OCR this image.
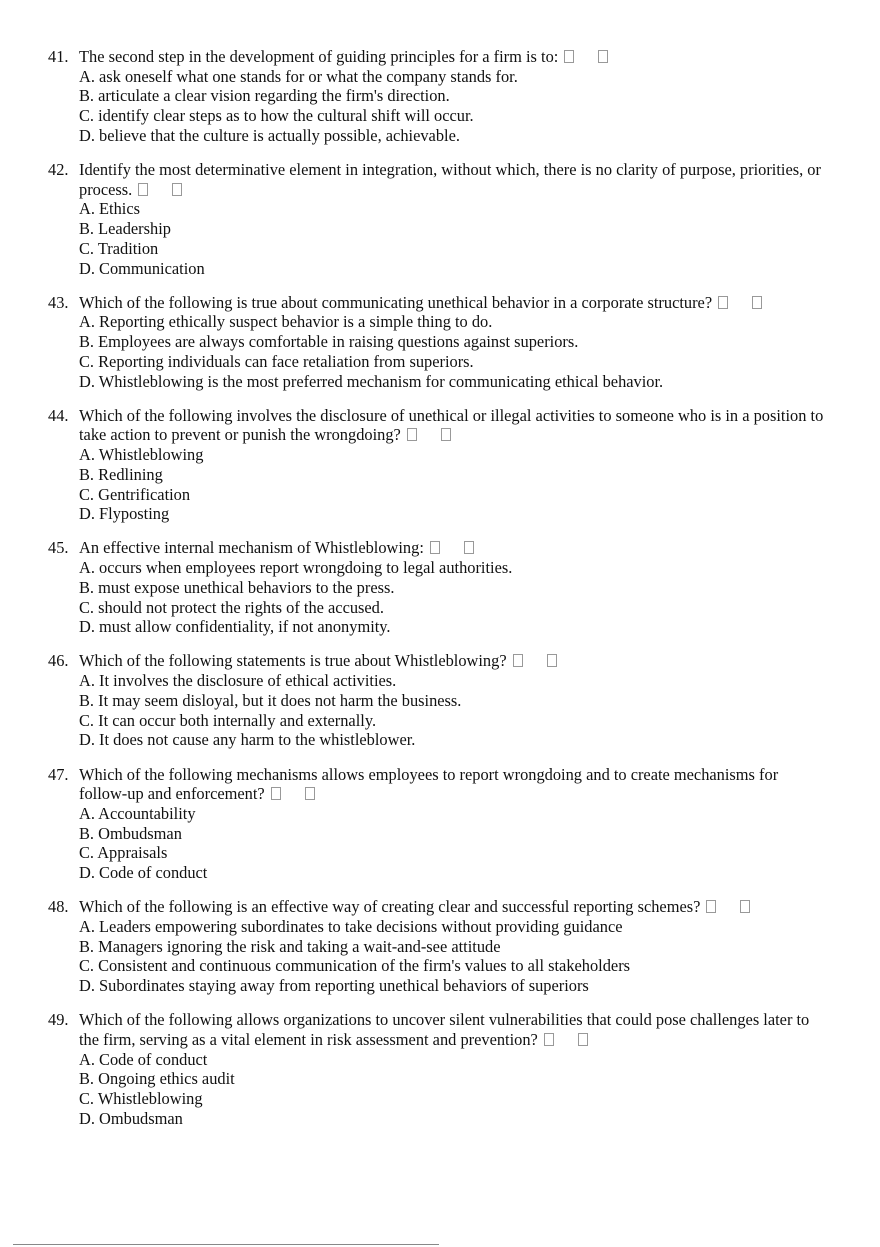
41. The second step in the development of guiding principles for a firm is to:
A. ask oneself what one stands for or what the company stands for.
B. articulate a clear vision regarding the firm's direction.
C. identify clear steps as to how the cultural shift will occur.
D. believe that the culture is actually possible, achievable.
42. Identify the most determinative element in integration, without which, there is no clarity of purpose, priorities, or process.
A. Ethics
B. Leadership
C. Tradition
D. Communication
43. Which of the following is true about communicating unethical behavior in a corporate structure?
A. Reporting ethically suspect behavior is a simple thing to do.
B. Employees are always comfortable in raising questions against superiors.
C. Reporting individuals can face retaliation from superiors.
D. Whistleblowing is the most preferred mechanism for communicating ethical behavior.
44. Which of the following involves the disclosure of unethical or illegal activities to someone who is in a position to take action to prevent or punish the wrongdoing?
A. Whistleblowing
B. Redlining
C. Gentrification
D. Flyposting
45. An effective internal mechanism of Whistleblowing:
A. occurs when employees report wrongdoing to legal authorities.
B. must expose unethical behaviors to the press.
C. should not protect the rights of the accused.
D. must allow confidentiality, if not anonymity.
46. Which of the following statements is true about Whistleblowing?
A. It involves the disclosure of ethical activities.
B. It may seem disloyal, but it does not harm the business.
C. It can occur both internally and externally.
D. It does not cause any harm to the whistleblower.
47. Which of the following mechanisms allows employees to report wrongdoing and to create mechanisms for follow-up and enforcement?
A. Accountability
B. Ombudsman
C. Appraisals
D. Code of conduct
48. Which of the following is an effective way of creating clear and successful reporting schemes?
A. Leaders empowering subordinates to take decisions without providing guidance
B. Managers ignoring the risk and taking a wait-and-see attitude
C. Consistent and continuous communication of the firm's values to all stakeholders
D. Subordinates staying away from reporting unethical behaviors of superiors
49. Which of the following allows organizations to uncover silent vulnerabilities that could pose challenges later to the firm, serving as a vital element in risk assessment and prevention?
A. Code of conduct
B. Ongoing ethics audit
C. Whistleblowing
D. Ombudsman
